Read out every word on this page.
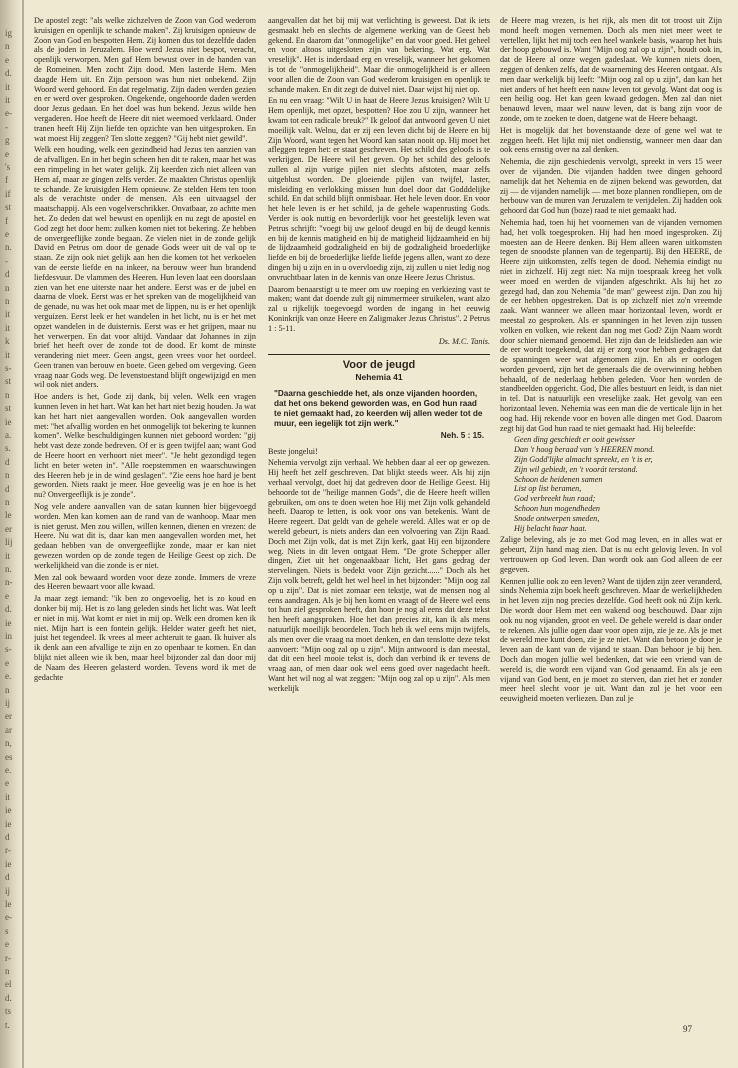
ig
n
e
d.
it
it
e-
-
g
e
's
f
if
st
f
e
n.
-
d
n
n
it
it
k
it
s-
st
n
st
ie
a.
s.
d
n
d
n
le
er
lij
it
n.
n-
e
d.
ie
in
s-
e
e.
n
ij
er
ar
n,
es
e.
e
it
ie
ie
d
r-
ie
d
ij
le
e-
s
e
r-
n
el
d.
ts
t.

De apostel zegt: "als welke zichzelven de Zoon van God wederom kruisigen en openlijk te schande maken". Zij kruisigen opnieuw de Zoon van God en bespotten Hem. Zij komen dus tot dezelfde daden als de joden in Jeruzalem. Hoe werd Jezus niet bespot, veracht, openlijk verworpen. Men gaf Hem bewust over in de handen van de Romeinen. Men zocht Zijn dood. Men lasterde Hem. Men daagde Hem uit. En Zijn persoon was hun niet onbekend. Zijn Woord werd gehoord. En dat regelmatig. Zijn daden werden gezien en er werd over gesproken. Ongekende, ongehoorde daden werden door Jezus gedaan. En het doel was hun bekend. Jezus wilde hen vergaderen. Hoe heeft de Heere dit niet weemoed verklaard. Onder tranen heeft Hij Zijn liefde ten opzichte van hen uitgesproken. En wat moest Hij zeggen? Ten slotte zeggen? "Gij hebt niet gewild".

Welk een houding, welk een gezindheid had Jezus ten aanzien van de afvalligen. En in het begin scheen hen dit te raken, maar het was een rimpeling in het water gelijk. Zij keerden zich niet alleen van Hem af, maar ze gingen zelfs verder. Ze maakten Christus openlijk te schande. Ze kruisigden Hem opnieuw. Ze stelden Hem ten toon als de verachtste onder de mensen. Als een uitvaagsel der maatschappij. Als een vogelverschrikker. Onvatbaar, zo achtte men het. Zo deden dat wel bewust en openlijk en nu zegt de apostel en God zegt het door hem: zulken komen niet tot bekering. Ze hebben de onvergeeflijke zonde begaan. Ze vielen niet in de zonde gelijk David en Petrus om door de genade Gods weer uit de val op te staan. Ze zijn ook niet gelijk aan hen die komen tot het verkoelen van de eerste liefde en na inkeer, na berouw weer hun brandend liefdesvuur. De vlammen des Heeren. Hun leven laat een doorslaan zien van het ene uiterste naar het andere. Eerst was er de jubel en daarna de vloek. Eerst was er het spreken van de mogelijkheid van de genade, nu was het ook maar met de lippen, nu is er het openlijk verguizen. Eerst leek er het wandelen in het licht, nu is er het met opzet wandelen in de duisternis. Eerst was er het grijpen, maar nu het verwerpen. En dat voor altijd. Vandaar dat Johannes in zijn brief het heeft over de zonde tot de dood. Er komt de minste verandering niet meer. Geen angst, geen vrees voor het oordeel. Geen tranen van berouw en boete. Geen gebed om vergeving. Geen vraag naar Gods weg. De levenstoestand blijft ongewijzigd en men wil ook niet anders.

Hoe anders is het, Gode zij dank, bij velen. Welk een vragen kunnen leven in het hart. Wat kan het hart niet bezig houden. Ja wat kan het hart niet aangevallen worden. Ook aangevallen worden met: "het afvallig worden en het onmogelijk tot bekering te kunnen komen". Welke beschuldigingen kunnen niet geboord worden: "gij hebt vast deze zonde bedreven. Of er is geen twijfel aan; want God de Heere hoort en verhoort niet meer". "Je hebt gezondigd tegen licht en beter weten in". "Alle roepstemmen en waarschuwingen des Heeren heb je in de wind geslagen". "Zie eens hoe hard je bent geworden. Niets raakt je meer. Hoe geveelig was je en hoe is het nu? Onvergeeflijk is je zonde".

Nog vele andere aanvallen van de satan kunnen hier bijgevoegd worden. Men kan komen aan de rand van de wanhoop. Maar men is niet gerust. Men zou willen, willen kennen, dienen en vrezen: de Heere. Nu wat dit is, daar kan men aangevallen worden met, het gedaan hebben van de onvergeeflijke zonde, maar er kan niet gewezen worden op de zonde tegen de Heilige Geest op zich. De werkelijkheid van die zonde is er niet.

Men zal ook bewaard worden voor deze zonde. Immers de vreze des Heeren bewaart voor alle kwaad.

Ja maar zegt iemand: "ik ben zo ongevoelig, het is zo koud en donker bij mij. Het is zo lang geleden sinds het licht was. Wat leeft er niet in mij. Wat komt er niet in mij op. Welk een dromen ken ik niet. Mijn hart is een fontein gelijk. Helder water geeft het niet, juist het tegendeel. Ik vrees al meer achteruit te gaan. Ik huiver als ik denk aan een afvallige te zijn en zo openbaar te komen. En dan blijkt niet alleen wie ik ben, maar heel bijzonder zal dan door mij de Naam des Heeren gelasterd worden. Tevens word ik met de gedachte

aangevallen dat het bij mij wat verlichting is geweest. Dat ik iets gesmaakt heb en slechts de algemene werking van de Geest heb gekend. En daarom dat "onmogelijke" en dat voor goed. Het geheel en voor altoos uitgesloten zijn van bekering. Wat erg. Wat vreselijk". Het is inderdaad erg en vreselijk, wanneer het gekomen is tot de "onmogelijkheid". Maar die onmogelijkheid is er alleen voor allen die de Zoon van God wederom kruisigen en openlijk te schande maken. En dit zegt de duivel niet. Daar wijst hij niet op.

En nu een vraag: "Wilt U in haat de Heere Jezus kruisigen? Wilt U Hem openlijk, met opzet, bespotten? Hoe zou U zijn, wanneer het kwam tot een radicale breuk?" Ik geloof dat antwoord geven U niet moeilijk valt. Welnu, dat er zij een leven dicht bij de Heere en bij Zijn Woord, want tegen het Woord kan satan nooit op. Hij moet het afleggen tegen het: er staat geschreven. Het schild des geloofs is te verkrijgen. De Heere wil het geven. Op het schild des geloofs zullen al zijn vurige pijlen niet slechts afstoten, maar zelfs uitgeblust worden. De gloeiende pijlen van twijfel, laster, misleiding en verlokking missen hun doel door dat Godddelijke schild. En dat schild blijft onmisbaar. Het hele leven door. En voor het hele leven is er het schild, ja de gehele wapenrusting Gods. Verder is ook nuttig en bevorderlijk voor het geestelijk leven wat Petrus schrijft: "voegt bij uw geloof deugd en bij de deugd kennis en bij de kennis matigheid en bij de matigheid lijdzaamheid en bij de lijdzaamheid godzaligheid en bij de godzaligheid broederlijke liefde en bij de broederlijke liefde liefde jegens allen, want zo deze dingen bij u zijn en in u overvloedig zijn, zij zullen u niet ledig nog onvruchtbaar laten in de kennis van onze Heere Jezus Christus.

Daarom benaarstigt u te meer om uw roeping en verkiezing vast te maken; want dat doende zult gij nimmermeer struikelen, want alzo zal u rijkelijk toegevoegd worden de ingang in het eeuwig Koninkrijk van onze Heere en Zaligmaker Jezus Christus". 2 Petrus 1 : 5-11.

Ds. M.C. Tanis.
Voor de jeugd
Nehemia 41
"Daarna geschiedde het, als onze vijanden hoorden, dat het ons bekend geworden was, en God hun raad te niet gemaakt had, zo keerden wij allen weder tot de muur, een iegelijk tot zijn werk."
Neh. 5 : 15.

Beste jongelui!

Nehemia vervolgt zijn verhaal. We hebben daar al eer op gewezen. Hij heeft het zelf geschreven. Dat blijkt steeds weer. Als hij zijn verhaal vervolgt, doet hij dat gedreven door de Heilige Geest. Hij behoorde tot de "heilige mannen Gods", die de Heere heeft willen gebruiken, om ons te doen weten hoe Hij met Zijn volk gehandeld heeft. Daarop te letten, is ook voor ons van betekenis. Want de Heere regeert. Dat geldt van de gehele wereld. Alles wat er op de wereld gebeurt, is niets anders dan een volvoering van Zijn Raad. Doch met Zijn volk, dat is met Zijn kerk, gaat Hij een bijzondere weg. Niets in dit leven ontgaat Hem. "De grote Schepper aller dingen, Ziet uit het ongenaakbaar licht, Het gans gedrag der stervelingen. Niets is bedekt voor Zijn gezicht......" Doch als het Zijn volk betreft, geldt het wel heel in het bijzonder: "Mijn oog zal op u zijn". Dat is niet zomaar een tekstje, wat de mensen nog al eens aandragen. Als je bij hen komt en vraagt of de Heere wel eens tot hun ziel gesproken heeft, dan hoor je nog al eens dat deze tekst hen heeft aangsproken. Hoe het dan precies zit, kan ik als mens natuurlijk moeilijk beoordelen. Toch heb ik wel eens mijn twijfels, als men over die vraag na moet denken, en dan tenslotte deze tekst aanvoert: "Mijn oog zal op u zijn". Mijn antwoord is dan meestal, dat dit een heel mooie tekst is, doch dan verbind ik er tevens de vraag aan, of men daar ook wel eens goed over nagedacht heeft. Want het wil nog al wat zeggen: "Mijn oog zal op u zijn". Als men werkelijk

de Heere mag vrezen, is het rijk, als men dit tot troost uit Zijn mond heeft mogen vernemen. Doch als men niet meer weet te vertellen, lijkt het mij toch een heel wankele basis, waarop het huis der hoop gebouwd is. Want "Mijn oog zal op u zijn", houdt ook in, dat de Heere al onze wegen gadeslaat. We kunnen niets doen, zeggen of denken zelfs, dat de waarneming des Heeren ontgaat. Als men daar werkelijk bij leeft: "Mijn oog zal op u zijn", dan kan het niet anders of het heeft een nauw leven tot gevolg. Want dat oog is een heilig oog. Het kan geen kwaad gedogen. Men zal dan niet benauwd leven, maar wel nauw leven, dat is bang zijn voor de zonde, om te zoeken te doen, datgene wat de Heere behaagt.

Het is mogelijk dat het bovenstaande deze of gene wel wat te zeggen heeft. Het lijkt mij niet ondienstig, wanneer men daar dan ook eens ernstig over na zal denken.

Nehemia, die zijn geschiedenis vervolgt, spreekt in vers 15 weer over de vijanden. Die vijanden hadden twee dingen gehoord namelijk dat het Nehemia en de zijnen bekend was geworden, dat zij — de vijanden namelijk — met boze plannen rondliepen, om de herbouw van de muren van Jeruzalem te verijdelen. Zij hadden ook gehoord dat God hun (boze) raad te niet gemaakt had.

Nehemia had, toen hij het voornemen van de vijanden vernomen had, het volk toegesproken. Hij had hen moed ingesproken. Zij moesten aan de Heere denken. Bij Hem alleen waren uitkomsten tegen de snoodste plannen van de tegenpartij. Bij den HEERE, de Heere zijn uitkomsten, zelfs tegen de dood. Nehemia eindigt nu niet in zichzelf. Hij zegt niet: Na mijn toespraak kreeg het volk weer moed en werden de vijanden afgeschrikt. Als hij het zo gezegd had, dan zou Nehemia "de man" geweest zijn. Dan zou hij de eer hebben opgestreken. Dat is op zichzelf niet zo'n vreemde zaak. Want wanneer we alleen maar horizontaal leven, wordt er meestal zo gesproken. Als er spanningen in het leven zijn tussen volken en volken, wie rekent dan nog met God? Zijn Naam wordt door schier niemand genoemd. Het zijn dan de leidslieden aan wie de eer wordt toegekend, dat zij er zorg voor hebben gedragen dat de spanningen weer wat afgenomen zijn. En als er oorlogen worden gevoerd, zijn het de generaals die de overwinning hebben behaald, of de nederlaag hebben geleden. Voor hen worden de standbeelden opgericht. God, Die alles bestuurt en leidt, is dan niet in tel. Dat is natuurlijk een vreselijke zaak. Het gevolg van een horizontaal leven. Nehemia was een man die de verticale lijn in het oog had. Hij rekende voor en boven alle dingen met God. Daarom zegt hij dat God hun raad te niet gemaakt had. Hij beleefde:

Geen ding geschiedt er ooit gewisser
Dan 't hoog beraad van 's HEEREN mond.
Zijn Godd'lijke almacht spreekt, en 't is er,
Zijn wil gebiedt, en 't voorát terstond.
Schoon de heidenen samen
List op list beramen,
God verbreekt hun raad;
Schoon hun mogendheden
Snode ontwerpen smeden,
Hij belacht haar haat.

Zalige beleving, als je zo met God mag leven, en in alles wat er gebeurt, Zijn hand mag zien. Dat is nu echt gelovig leven. In vol vertrouwen op God leven. Dan wordt ook aan God alleen de eer gegeven.

Kennen jullie ook zo een leven? Want de tijden zijn zeer veranderd, sinds Nehemia zijn boek heeft geschreven. Maar de werkelijkheden in het leven zijn nog precies dezelfde. God heeft ook nú Zijn kerk. Die wordt door Hem met een wakend oog beschouwd. Daar zijn ook nu nog vijanden, groot en veel. De gehele wereld is daar onder te rekenen. Als jullie ogen daar voor open zijn, zie je ze. Als je met de wereld mee kunt doen, zie je ze niet. Want dan betoon je door je leven aan de kant van de vijand te staan. Dan behoor je bij hen. Doch dan mogen jullie wel bedenken, dat wie een vriend van de wereld is, die wordt een vijand van God genaamd. En als je een vijand van God bent, en je moet zo sterven, dan ziet het er zonder meer heel slecht voor je uit. Want dan zul je het voor een eeuwigheid moeten verliezen. Dan zul je

97
